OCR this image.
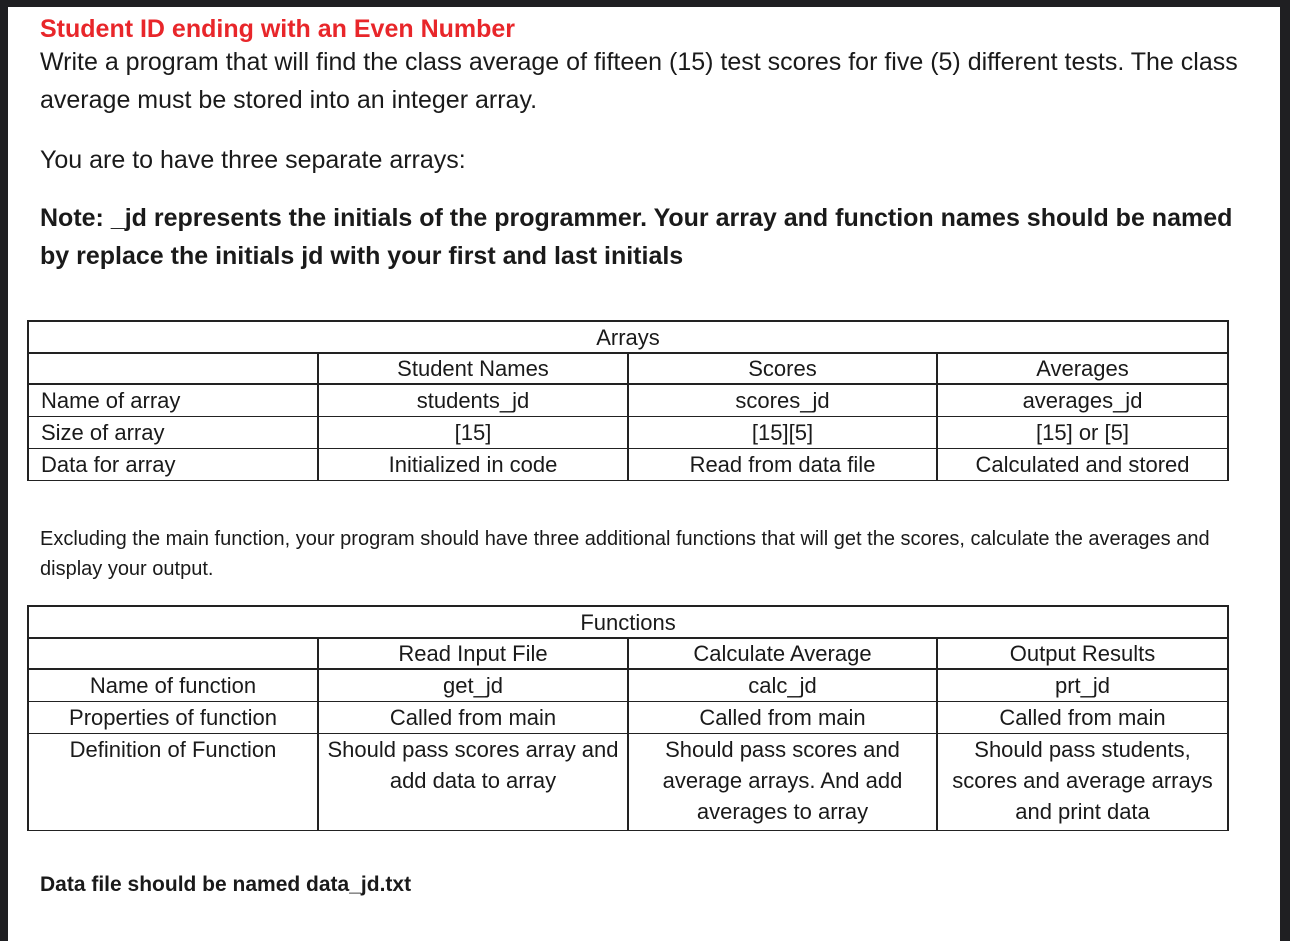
Student ID ending with an Even Number
Write a program that will find the class average of fifteen (15) test scores for five (5) different tests. The class average must be stored into an integer array.
You are to have three separate arrays:
Note: _jd represents the initials of the programmer. Your array and function names should be named by replace the initials jd with your first and last initials
Arrays			
	Student Names	Scores	Averages
Name of array	students_jd	scores_jd	averages_jd
Size of array	[15]	[15][5]	[15] or [5]
Data for array	Initialized in code	Read from data file	Calculated and stored
Excluding the main function, your program should have three additional functions that will get the scores, calculate the averages and display your output.
Functions			
	Read Input File	Calculate Average	Output Results
Name of function	get_jd	calc_jd	prt_jd
Properties of function	Called from main	Called from main	Called from main
Definition of Function	Should pass scores array and add data to array	Should pass scores and average arrays. And add averages to array	Should pass students, scores and average arrays and print data
Data file should be named data_jd.txt
